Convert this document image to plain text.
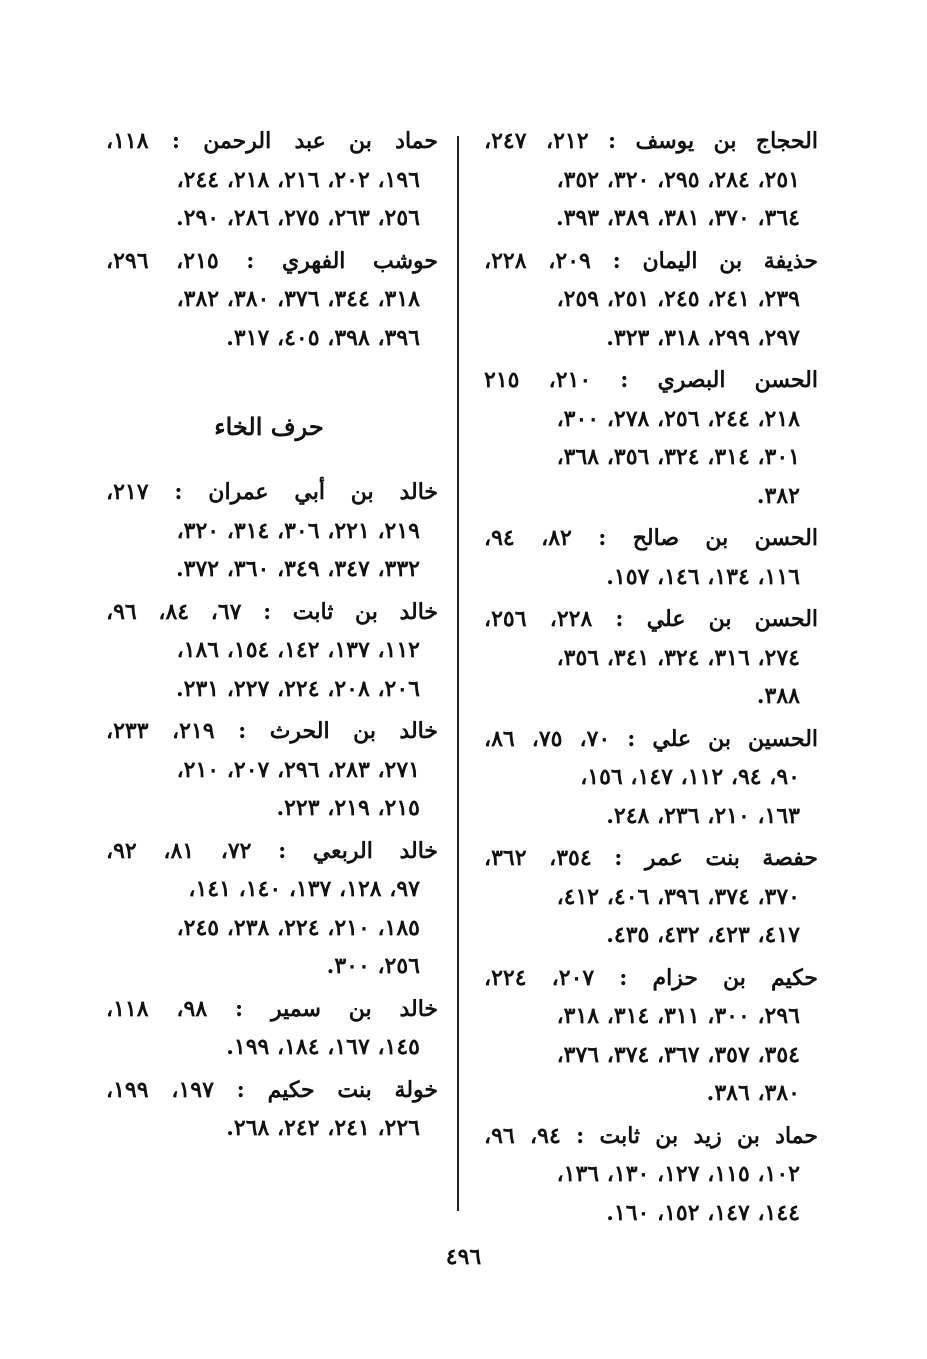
الحجاج بن يوسف : ٢١٢، ٢٤٧،
٢٥١، ٢٨٤، ٢٩٥، ٣٢٠، ٣٥٢،
٣٦٤، ٣٧٠، ٣٨١، ٣٨٩، ٣٩٣.
حذيفة بن اليمان : ٢٠٩، ٢٢٨،
٢٣٩، ٢٤١، ٢٤٥، ٢٥١، ٢٥٩،
٢٩٧، ٢٩٩، ٣١٨، ٣٢٣.
الحسن البصري : ٢١٠، ٢١٥
٢١٨، ٢٤٤، ٢٥٦، ٢٧٨، ٣٠٠،
٣٠١، ٣١٤، ٣٢٤، ٣٥٦، ٣٦٨،
٣٨٢.
الحسن بن صالح : ٨٢، ٩٤،
١١٦، ١٣٤، ١٤٦، ١٥٧.
الحسن بن علي : ٢٢٨، ٢٥٦،
٢٧٤، ٣١٦، ٣٢٤، ٣٤١، ٣٥٦،
٣٨٨.
الحسين بن علي : ٧٠، ٧٥، ٨٦،
٩٠، ٩٤، ١١٢، ١٤٧، ١٥٦،
١٦٣، ٢١٠، ٢٣٦، ٢٤٨.
حفصة بنت عمر : ٣٥٤، ٣٦٢،
٣٧٠، ٣٧٤، ٣٩٦، ٤٠٦، ٤١٢،
٤١٧، ٤٢٣، ٤٣٢، ٤٣٥.
حكيم بن حزام : ٢٠٧، ٢٢٤،
٢٩٦، ٣٠٠، ٣١١، ٣١٤، ٣١٨،
٣٥٤، ٣٥٧، ٣٦٧، ٣٧٤، ٣٧٦،
٣٨٠، ٣٨٦.
حماد بن زيد بن ثابت : ٩٤، ٩٦،
١٠٢، ١١٥، ١٢٧، ١٣٠، ١٣٦،
١٤٤، ١٤٧، ١٥٢، ١٦٠.
حماد بن عبد الرحمن : ١١٨،
١٩٦، ٢٠٢، ٢١٦، ٢١٨، ٢٤٤،
٢٥٦، ٢٦٣، ٢٧٥، ٢٨٦، ٢٩٠.
حوشب الفهري : ٢١٥، ٢٩٦،
٣١٨، ٣٤٤، ٣٧٦، ٣٨٠، ٣٨٢،
٣٩٦، ٣٩٨، ٤٠٥، ٣١٧.
حرف الخاء
خالد بن أبي عمران : ٢١٧،
٢١٩، ٢٢١، ٣٠٦، ٣١٤، ٣٢٠،
٣٣٢، ٣٤٧، ٣٤٩، ٣٦٠، ٣٧٢.
خالد بن ثابت : ٦٧، ٨٤، ٩٦،
١١٢، ١٣٧، ١٤٢، ١٥٤، ١٨٦،
٢٠٦، ٢٠٨، ٢٢٤، ٢٢٧، ٢٣١.
خالد بن الحرث : ٢١٩، ٢٣٣،
٢٧١، ٢٨٣، ٢٩٦، ٢٠٧، ٢١٠،
٢١٥، ٢١٩، ٢٢٣.
خالد الربعي : ٧٢، ٨١، ٩٢،
٩٧، ١٢٨، ١٣٧، ١٤٠، ١٤١،
١٨٥، ٢١٠، ٢٢٤، ٢٣٨، ٢٤٥،
٢٥٦، ٣٠٠.
خالد بن سمير : ٩٨، ١١٨،
١٤٥، ١٦٧، ١٨٤، ١٩٩.
خولة بنت حكيم : ١٩٧، ١٩٩،
٢٢٦، ٢٤١، ٢٤٢، ٢٦٨.
٤٩٦
